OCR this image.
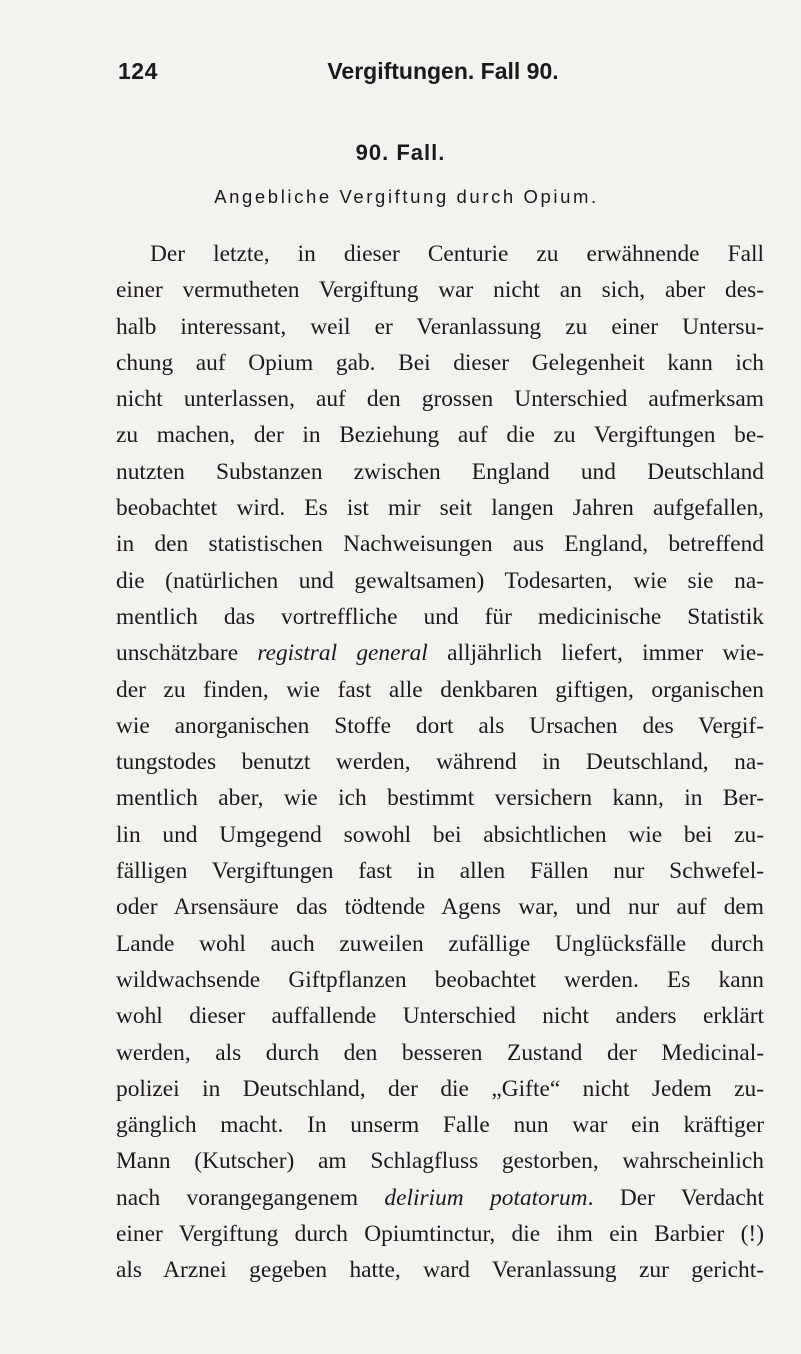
124	Vergiftungen. Fall 90.
90. Fall.
Angebliche Vergiftung durch Opium.
Der letzte, in dieser Centurie zu erwähnende Fall
einer vermutheten Vergiftung war nicht an sich, aber des-
halb interessant, weil er Veranlassung zu einer Untersu-
chung auf Opium gab. Bei dieser Gelegenheit kann ich
nicht unterlassen, auf den grossen Unterschied aufmerksam
zu machen, der in Beziehung auf die zu Vergiftungen be-
nutzten Substanzen zwischen England und Deutschland
beobachtet wird. Es ist mir seit langen Jahren aufgefallen,
in den statistischen Nachweisungen aus England, betreffend
die (natürlichen und gewaltsamen) Todesarten, wie sie na-
mentlich das vortreffliche und für medicinische Statistik
unschätzbare registral general alljährlich liefert, immer wie-
der zu finden, wie fast alle denkbaren giftigen, organischen
wie anorganischen Stoffe dort als Ursachen des Vergif-
tungstodes benutzt werden, während in Deutschland, na-
mentlich aber, wie ich bestimmt versichern kann, in Ber-
lin und Umgegend sowohl bei absichtlichen wie bei zu-
fälligen Vergiftungen fast in allen Fällen nur Schwefel-
oder Arsensäure das tödtende Agens war, und nur auf dem
Lande wohl auch zuweilen zufällige Unglücksfälle durch
wildwachsende Giftpflanzen beobachtet werden. Es kann
wohl dieser auffallende Unterschied nicht anders erklärt
werden, als durch den besseren Zustand der Medicinal-
polizei in Deutschland, der die „Gifte“ nicht Jedem zu-
gänglich macht. In unserm Falle nun war ein kräftiger
Mann (Kutscher) am Schlagfluss gestorben, wahrscheinlich
nach vorangegangenem delirium potatorum. Der Verdacht
einer Vergiftung durch Opiumtinctur, die ihm ein Barbier (!)
als Arznei gegeben hatte, ward Veranlassung zur gericht-
